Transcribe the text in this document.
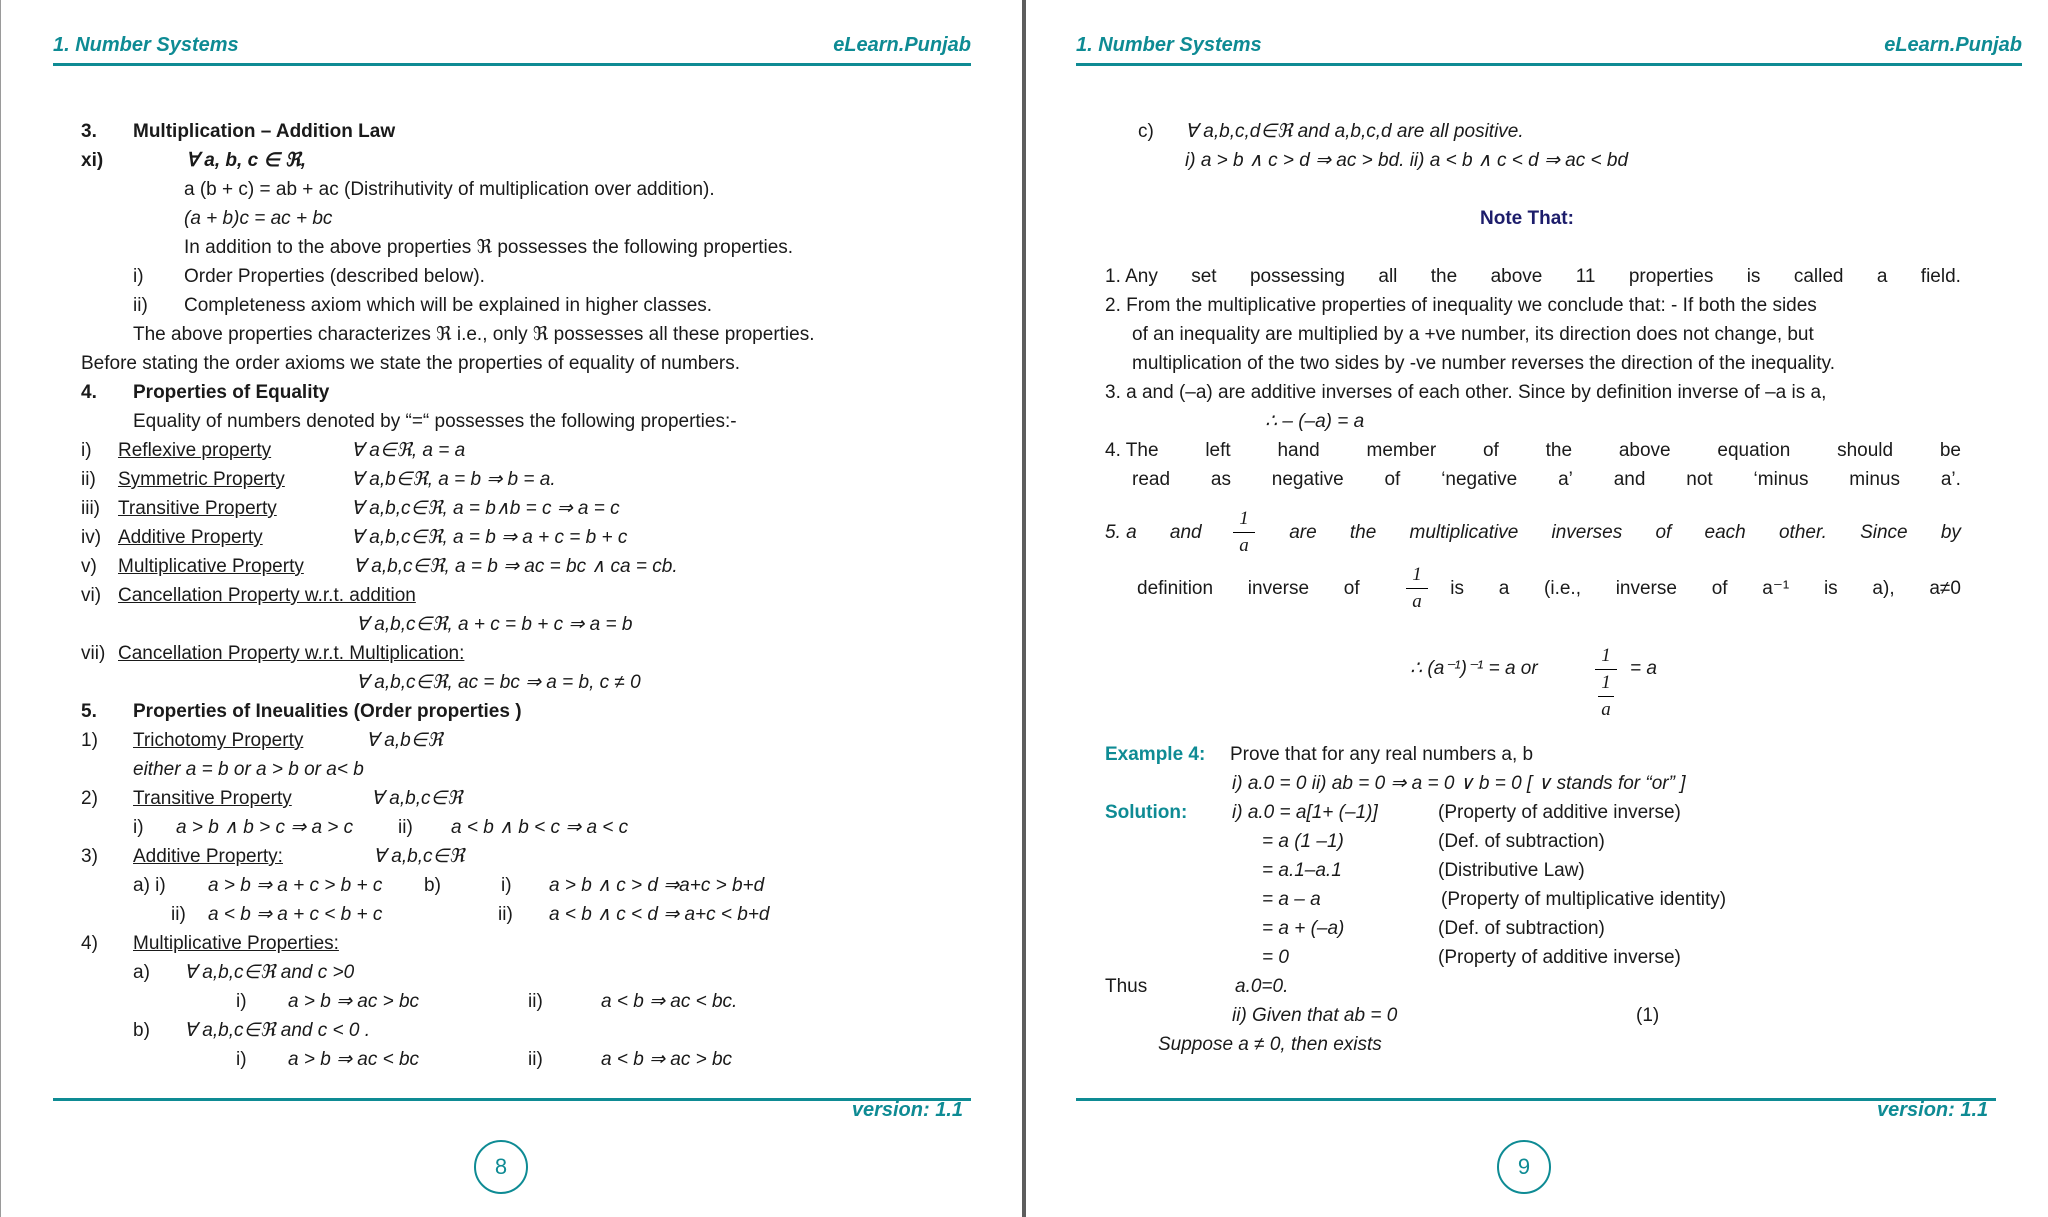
1. Number Systems	eLearn.Punjab
3. Multiplication – Addition Law
xi)	∀ a, b, c ∈ ℜ,
a (b + c) = ab + ac (Distrihutivity of multiplication over addition).
(a + b)c = ac + bc
In addition to the above properties ℜ possesses the following properties.
i) Order Properties (described below).
ii) Completeness axiom which will be explained in higher classes.
The above properties characterizes ℜ i.e., only ℜ possesses all these properties.
Before stating the order axioms we state the properties of equality of numbers.
4. Properties of Equality
Equality of numbers denoted by “=“ possesses the following properties:-
i) Reflexive property	∀ a∈ℜ, a = a
ii) Symmetric Property	∀ a,b∈ℜ, a = b ⇒ b = a.
iii) Transitive Property	∀ a,b,c∈ℜ, a = b∧b = c ⇒ a = c
iv) Additive Property	∀ a,b,c∈ℜ, a = b ⇒ a + c = b + c
v) Multiplicative Property	∀ a,b,c∈ℜ, a = b ⇒ ac = bc ∧ ca = cb.
vi) Cancellation Property w.r.t. addition
∀ a,b,c∈ℜ, a + c = b + c ⇒ a = b
vii) Cancellation Property w.r.t. Multiplication:
∀ a,b,c∈ℜ, ac = bc ⇒ a = b, c ≠ 0
5. Properties of Ineualities (Order properties )
1) Trichotomy Property	∀ a,b∈ℜ
either a = b or a > b or a< b
2) Transitive Property	∀ a,b,c∈ℜ
i) a > b ∧ b > c ⇒ a > c ii) a < b ∧ b < c ⇒ a < c
3) Additive Property:	∀ a,b,c∈ℜ
a) i) a > b ⇒ a + c > b + c b)	i) a > b ∧ c > d ⇒a+c > b+d
ii) a < b ⇒ a + c < b + c	ii) a < b ∧ c < d ⇒ a+c < b+d
4) Multiplicative Properties:
a) ∀ a,b,c∈ℜ and c >0
i) a > b ⇒ ac > bc	ii)	a < b ⇒ ac < bc.
b) ∀ a,b,c∈ℜ and c < 0 .
i) a > b ⇒ ac < bc	ii)	a < b ⇒ ac > bc
version: 1.1
8
1. Number Systems	eLearn.Punjab
c) ∀ a,b,c,d∈ℜ and a,b,c,d are all positive.
i) a > b ∧ c > d ⇒ ac > bd. ii) a < b ∧ c < d ⇒ ac < bd
Note That:
1. Any set possessing all the above 11 properties is called a field.
2. From the multiplicative properties of inequality we conclude that: - If both the sides
of an inequality are multiplied by a +ve number, its direction does not change, but
multiplication of the two sides by -ve number reverses the direction of the inequality.
3. a and (–a) are additive inverses of each other. Since by definition inverse of –a is a,
∴ – (–a) = a
4. The left hand member of the above equation should be
read as negative of ‘negative a’ and not ‘minus minus a’.
5. a and
	are the multiplicative inverses of each other. Since by
1
a
definition inverse of
	is a (i.e., inverse of a⁻¹ is a), a≠0
1
a
∴ (a⁻¹)⁻¹ = a or
1
1
a
= a
Example 4: Prove that for any real numbers a, b
i) a.0 = 0 ii) ab = 0 ⇒ a = 0 ∨ b = 0 [ ∨ stands for “or” ]
Solution: i) a.0 = a[1+ (–1)]	(Property of additive inverse)
= a (1 –1)	(Def. of subtraction)
= a.1–a.1	(Distributive Law)
= a – a	(Property of multiplicative identity)
= a + (–a)	(Def. of subtraction)
= 0	(Property of additive inverse)
Thus	a.0=0.
ii) Given that ab = 0	(1)
Suppose a ≠ 0, then exists
version: 1.1
9
